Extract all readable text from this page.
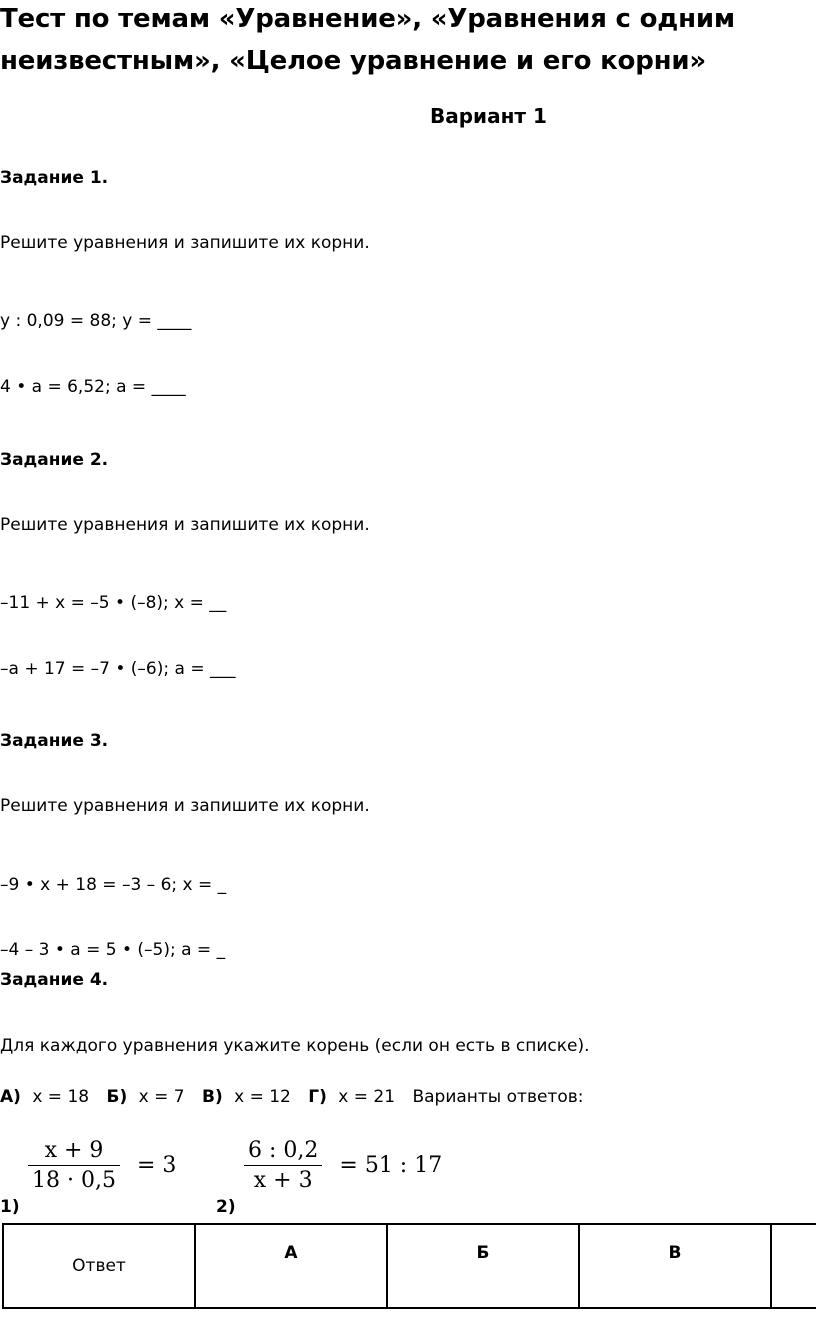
Тест по темам «Уравнение», «Уравнения с одним
неизвестным», «Целое уравнение и его корни»
Вариант 1
Задание 1.
Решите уравнения и запишите их корни.
y : 0,09 = 88; y = ____
4 • a = 6,52; a = ____
Задание 2.
Решите уравнения и запишите их корни.
–11 + x = –5 • (–8); x = __
–a + 17 = –7 • (–6); a = ___
Задание 3.
Решите уравнения и запишите их корни.
–9 • x + 18 = –3 – 6; x = _
–4 – 3 • a = 5 • (–5); a = _
Задание 4.
Для каждого уравнения укажите корень (если он есть в списке).
А) x = 18 Б) x = 7 В) x = 12 Г) x = 21 Варианты ответов:
1)
$\frac{x + 9}{18 \cdot 0,5} = 3$
2)
$\frac{6 : 0,2}{x + 3} = 51$ : 17
Ответ	А	Б	В	
